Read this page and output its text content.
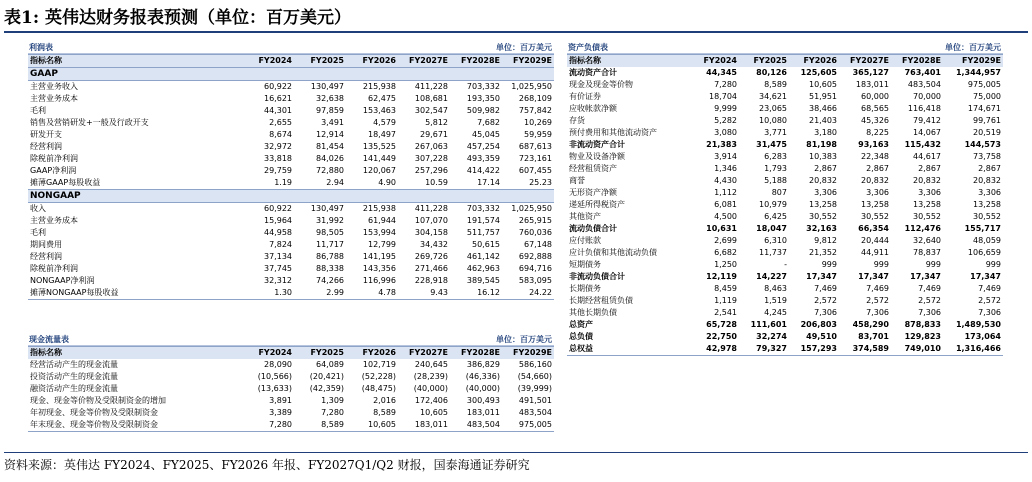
表1: 英伟达财务报表预测（单位：百万美元）
利润表	单位：百万美元
指标名称	FY2024	FY2025	FY2026	FY2027E	FY2028E	FY2029E
GAAP						
主营业务收入	60,922	130,497	215,938	411,228	703,332	1,025,950
主营业务成本	16,621	32,638	62,475	108,681	193,350	268,109
毛利	44,301	97,859	153,463	302,547	509,982	757,842
销售及营销研发+一般及行政开支	2,655	3,491	4,579	5,812	7,682	10,269
研发开支	8,674	12,914	18,497	29,671	45,045	59,959
经营利润	32,972	81,454	135,525	267,063	457,254	687,613
除税前净利润	33,818	84,026	141,449	307,228	493,359	723,161
GAAP净利润	29,759	72,880	120,067	257,296	414,422	607,455
摊薄GAAP每股收益	1.19	2.94	4.90	10.59	17.14	25.23
NONGAAP						
收入	60,922	130,497	215,938	411,228	703,332	1,025,950
主营业务成本	15,964	31,992	61,944	107,070	191,574	265,915
毛利	44,958	98,505	153,994	304,158	511,757	760,036
期间费用	7,824	11,717	12,799	34,432	50,615	67,148
经营利润	37,134	86,788	141,195	269,726	461,142	692,888
除税前净利润	37,745	88,338	143,356	271,466	462,963	694,716
NONGAAP净利润	32,312	74,266	116,996	228,918	389,545	583,095
摊薄NONGAAP每股收益	1.30	2.99	4.78	9.43	16.12	24.22
现金流量表	单位：百万美元
指标名称	FY2024	FY2025	FY2026	FY2027E	FY2028E	FY2029E
经营活动产生的现金流量	28,090	64,089	102,719	240,645	386,829	586,160
投资活动产生的现金流量	(10,566)	(20,421)	(52,228)	(28,239)	(46,336)	(54,660)
融资活动产生的现金流量	(13,633)	(42,359)	(48,475)	(40,000)	(40,000)	(39,999)
现金、现金等价物及受限制资金的增加	3,891	1,309	2,016	172,406	300,493	491,501
年初现金、现金等价物及受限制资金	3,389	7,280	8,589	10,605	183,011	483,504
年末现金、现金等价物及受限制资金	7,280	8,589	10,605	183,011	483,504	975,005
资产负债表	单位：百万美元
指标名称	FY2024	FY2025	FY2026	FY2027E	FY2028E	FY2029E
流动资产合计	44,345	80,126	125,605	365,127	763,401	1,344,957
现金及现金等价物	7,280	8,589	10,605	183,011	483,504	975,005
有价证券	18,704	34,621	51,951	60,000	70,000	75,000
应收帐款净额	9,999	23,065	38,466	68,565	116,418	174,671
存货	5,282	10,080	21,403	45,326	79,412	99,761
预付费用和其他流动资产	3,080	3,771	3,180	8,225	14,067	20,519
非流动资产合计	21,383	31,475	81,198	93,163	115,432	144,573
物业及设备净额	3,914	6,283	10,383	22,348	44,617	73,758
经营租赁资产	1,346	1,793	2,867	2,867	2,867	2,867
商誉	4,430	5,188	20,832	20,832	20,832	20,832
无形资产净额	1,112	807	3,306	3,306	3,306	3,306
递延所得税资产	6,081	10,979	13,258	13,258	13,258	13,258
其他资产	4,500	6,425	30,552	30,552	30,552	30,552
流动负债合计	10,631	18,047	32,163	66,354	112,476	155,717
应付账款	2,699	6,310	9,812	20,444	32,640	48,059
应计负债和其他流动负债	6,682	11,737	21,352	44,911	78,837	106,659
短期债务	1,250	-	999	999	999	999
非流动负债合计	12,119	14,227	17,347	17,347	17,347	17,347
长期债务	8,459	8,463	7,469	7,469	7,469	7,469
长期经营租赁负债	1,119	1,519	2,572	2,572	2,572	2,572
其他长期负债	2,541	4,245	7,306	7,306	7,306	7,306
总资产	65,728	111,601	206,803	458,290	878,833	1,489,530
总负债	22,750	32,274	49,510	83,701	129,823	173,064
总权益	42,978	79,327	157,293	374,589	749,010	1,316,466
资料来源：英伟达 FY2024、FY2025、FY2026 年报、FY2027Q1/Q2 财报，国泰海通证券研究
